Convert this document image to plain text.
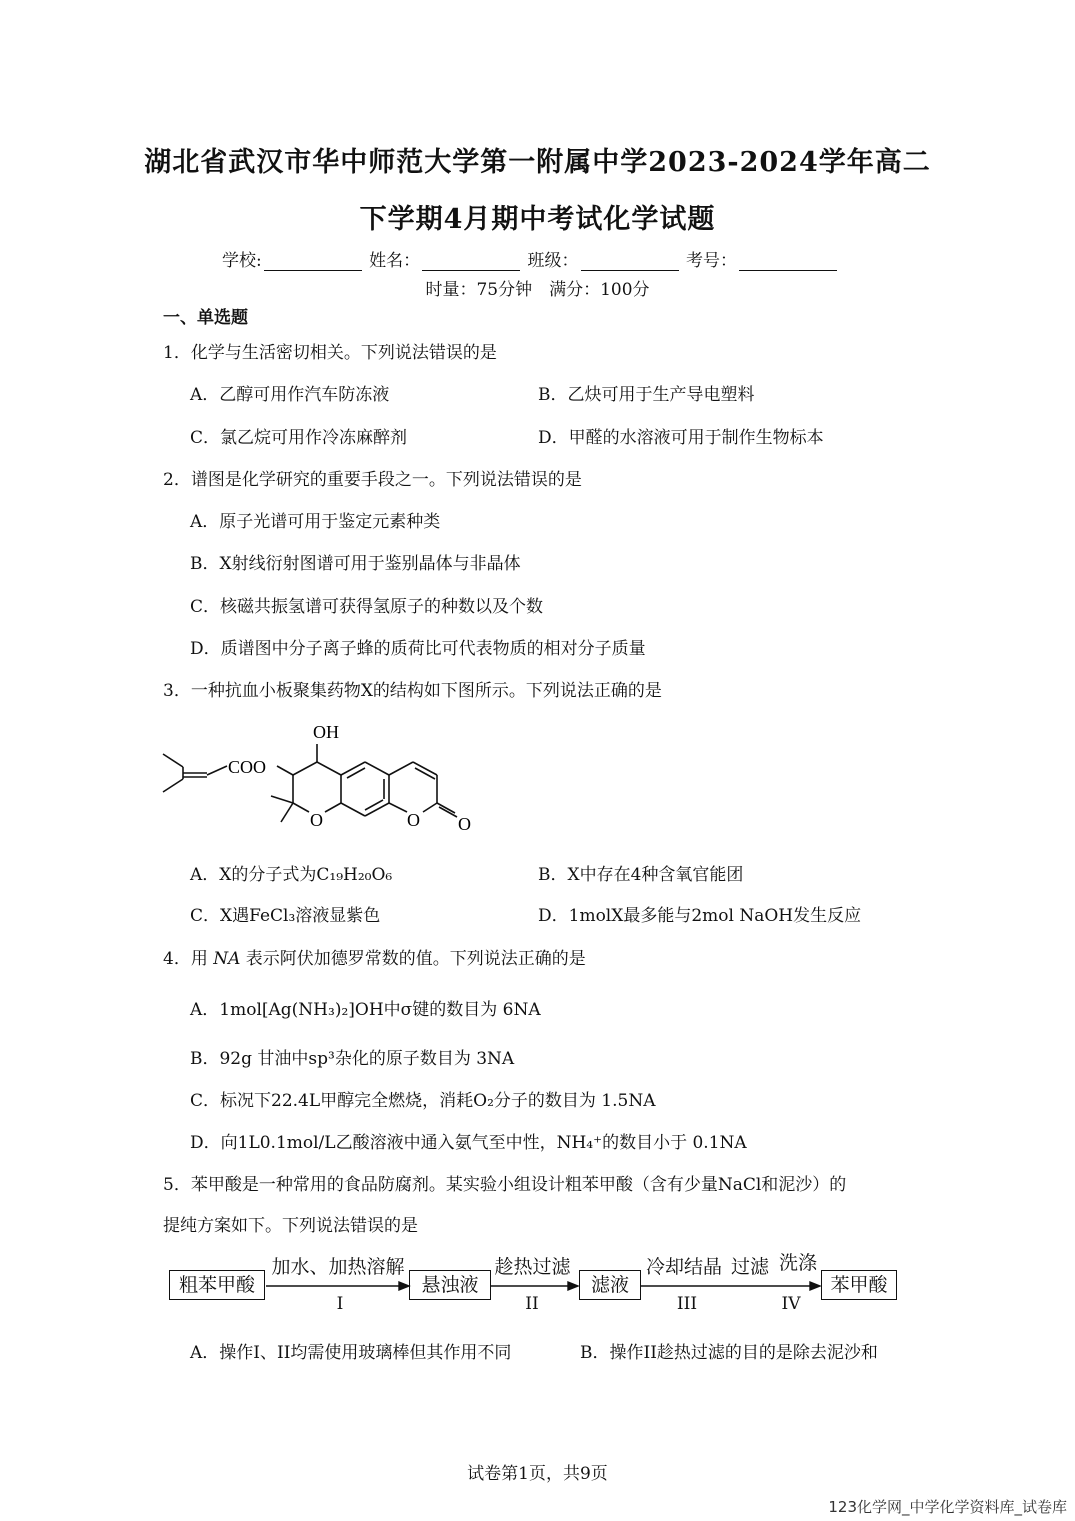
湖北省武汉市华中师范大学第一附属中学2023-2024学年高二
下学期4月期中考试化学试题
学校:	姓名：	班级：	考号：
时量：75分钟　满分：100分
一、单选题
1．化学与生活密切相关。下列说法错误的是
A．乙醇可用作汽车防冻液	B．乙炔可用于生产导电塑料
C．氯乙烷可用作冷冻麻醉剂	D．甲醛的水溶液可用于制作生物标本
2．谱图是化学研究的重要手段之一。下列说法错误的是
A．原子光谱可用于鉴定元素种类
B．X射线衍射图谱可用于鉴别晶体与非晶体
C．核磁共振氢谱可获得氢原子的种数以及个数
D．质谱图中分子离子蜂的质荷比可代表物质的相对分子质量
3．一种抗血小板聚集药物X的结构如下图所示。下列说法正确的是
OH
COO
O	O O
A．X的分子式为C₁₉H₂₀O₆	B．X中存在4种含氧官能团
C．X遇FeCl₃溶液显紫色	D．1molX最多能与2mol NaOH发生反应
4．用 NA 表示阿伏加德罗常数的值。下列说法正确的是
A．1mol[Ag(NH₃)₂]OH中σ键的数目为 6NA
B．92g 甘油中sp³杂化的原子数目为 3NA
C．标况下22.4L甲醇完全燃烧，消耗O₂分子的数目为 1.5NA
D．向1L0.1mol/L乙酸溶液中通入氨气至中性，NH₄⁺的数目小于 0.1NA
5．苯甲酸是一种常用的食品防腐剂。某实验小组设计粗苯甲酸（含有少量NaCl和泥沙）的
提纯方案如下。下列说法错误的是
粗苯甲酸	悬浊液	滤液	苯甲酸
加水、加热溶解	趁热过滤	冷却结晶 过滤 洗涤
I	II	III	IV
A．操作I、II均需使用玻璃棒但其作用不同	B．操作II趁热过滤的目的是除去泥沙和
试卷第1页，共9页
123化学网_中学化学资料库_试卷库
